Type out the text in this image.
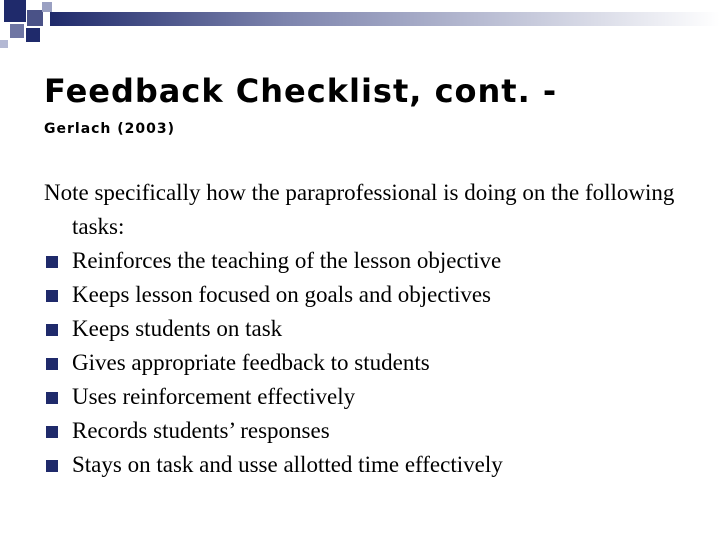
Feedback Checklist, cont. -

Gerlach (2003)

Note specifically how the paraprofessional is doing on the following tasks:

Reinforces the teaching of the lesson objective
Keeps lesson focused on goals and objectives
Keeps students on task
Gives appropriate feedback to students
Uses reinforcement effectively
Records students’ responses
Stays on task and usse allotted time effectively
